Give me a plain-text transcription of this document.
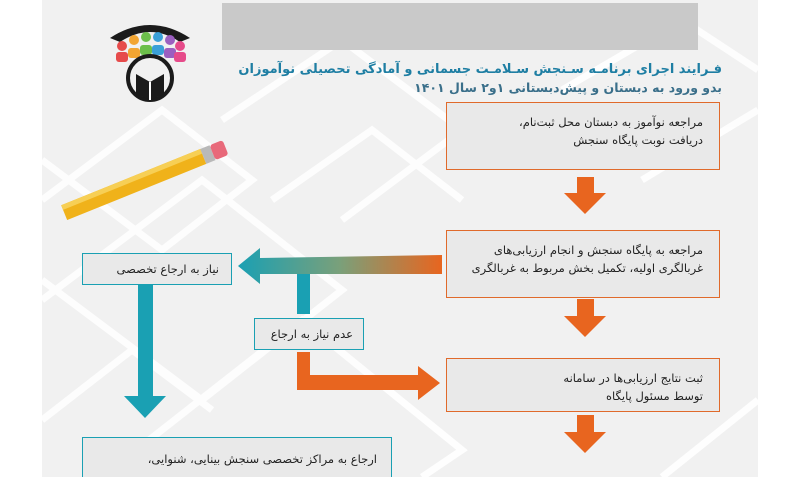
فـرایند اجرای برنامـه سـنجش سـلامـت جسمانی و آمادگی تحصیلی نوآموزان
بدو ورود به دبستان و پیش‌دبستانی ۱و۲ سال ۱۴۰۱
مراجعه نوآموز به دبستان محل ثبت‌نام،
دریافت نوبت پایگاه سنجش
مراجعه به پایگاه سنجش و انجام ارزیابی‌های
غربالگری اولیه، تکمیل بخش مربوط به غربالگری
ثبت نتایج ارزیابی‌ها در سامانه
توسط مسئول پایگاه
نیاز به ارجاع تخصصی
عدم نیاز به ارجاع
ارجاع به مراکز تخصصی سنجش بینایی، شنوایی،
